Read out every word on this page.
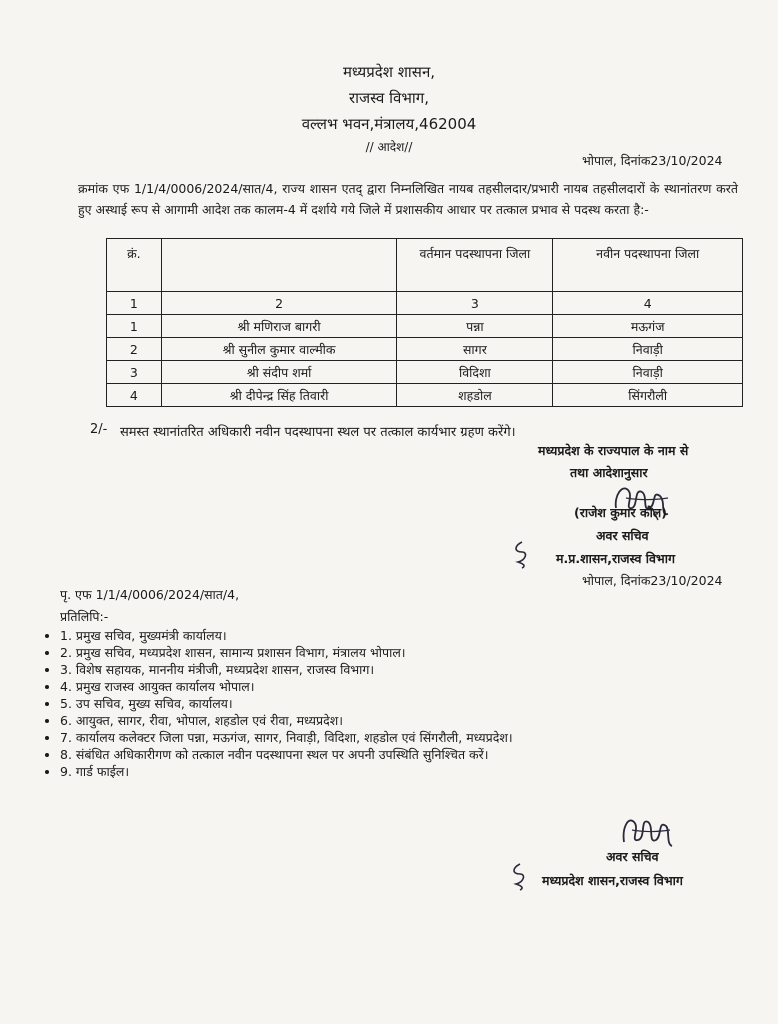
मध्यप्रदेश शासन,
राजस्व विभाग,
वल्लभ भवन,मंत्रालय,462004
// आदेश//
भोपाल, दिनांक23/10/2024
क्रमांक एफ 1/1/4/0006/2024/सात/4, राज्य शासन एतद् द्वारा निम्नलिखित नायब तहसीलदार/प्रभारी नायब तहसीलदारों के स्थानांतरण करते हुए अस्थाई रूप से आगामी आदेश तक कालम-4 में दर्शाये गये जिले में प्रशासकीय आधार पर तत्काल प्रभाव से पदस्थ करता है:-
क्रं.		वर्तमान पदस्थापना जिला	नवीन पदस्थापना जिला
1	2	3	4
1	श्री मणिराज बागरी	पन्ना	मऊगंज
2	श्री सुनील कुमार वाल्मीक	सागर	निवाड़ी
3	श्री संदीप शर्मा	विदिशा	निवाड़ी
4	श्री दीपेन्द्र सिंह तिवारी	शहडोल	सिंगरौली
2/- समस्त स्थानांतरित अधिकारी नवीन पदस्थापना स्थल पर तत्काल कार्यभार ग्रहण करेंगे।
मध्यप्रदेश के राज्यपाल के नाम से
तथा आदेशानुसार
(राजेश कुमार कौल)
अवर सचिव
म.प्र.शासन,राजस्व विभाग
भोपाल, दिनांक23/10/2024
पृ. एफ 1/1/4/0006/2024/सात/4,
प्रतिलिपि:-
• 1. प्रमुख सचिव, मुख्यमंत्री कार्यालय।
• 2. प्रमुख सचिव, मध्यप्रदेश शासन, सामान्य प्रशासन विभाग, मंत्रालय भोपाल।
• 3. विशेष सहायक, माननीय मंत्रीजी, मध्यप्रदेश शासन, राजस्व विभाग।
• 4. प्रमुख राजस्व आयुक्त कार्यालय भोपाल।
• 5. उप सचिव, मुख्य सचिव, कार्यालय।
• 6. आयुक्त, सागर, रीवा, भोपाल, शहडोल एवं रीवा, मध्यप्रदेश।
• 7. कार्यालय कलेक्टर जिला पन्ना, मऊगंज, सागर, निवाड़ी, विदिशा, शहडोल एवं सिंगरौली, मध्यप्रदेश।
• 8. संबंधित अधिकारीगण को तत्काल नवीन पदस्थापना स्थल पर अपनी उपस्थिति सुनिश्चित करें।
• 9. गार्ड फाईल।
अवर सचिव
मध्यप्रदेश शासन,राजस्व विभाग
